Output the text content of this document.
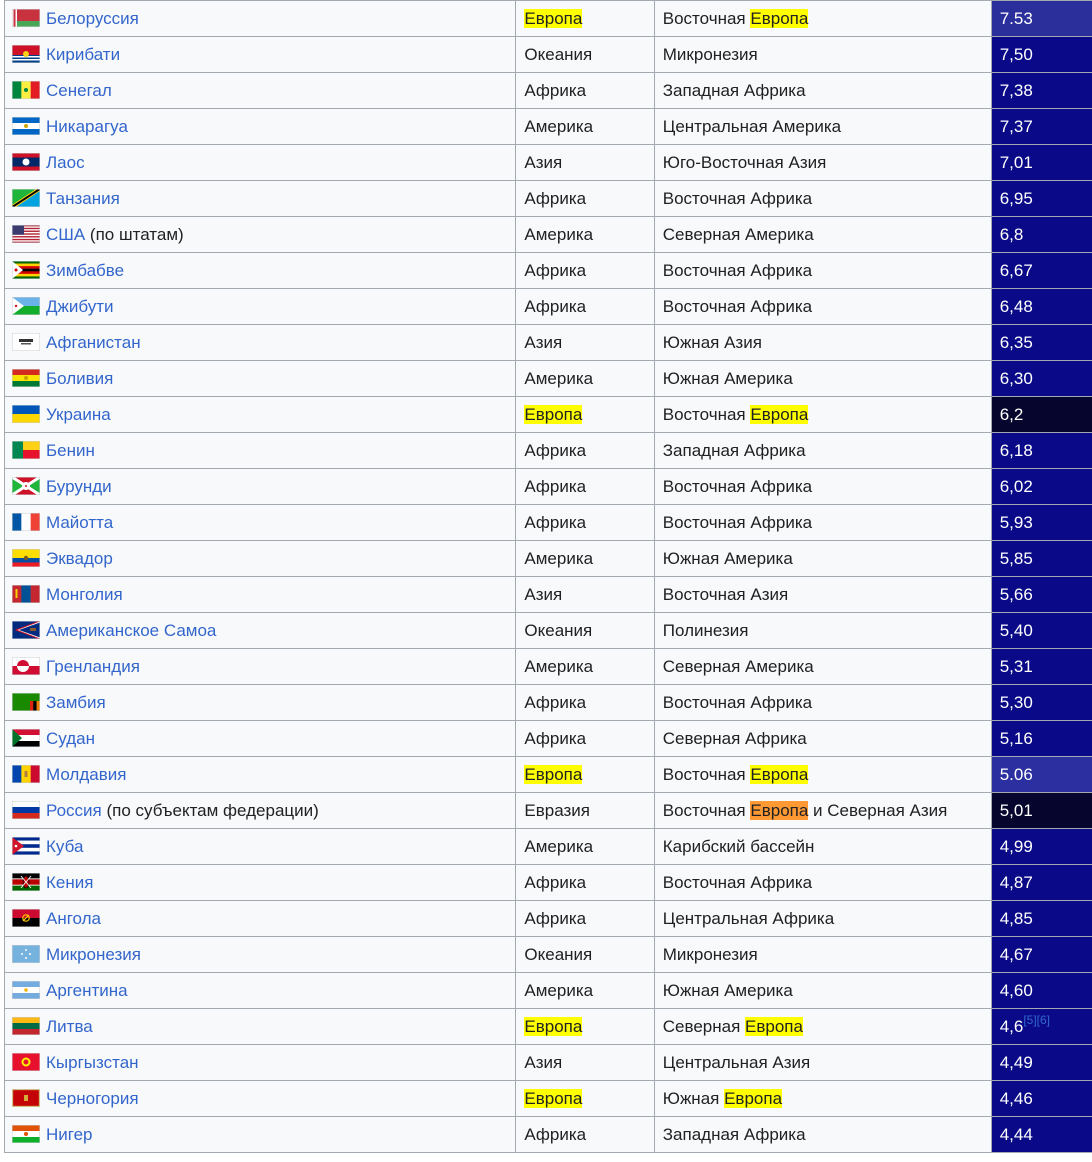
Белоруссия	Европа	Восточная Европа	7.53

Кирибати	Океания	Микронезия	7,50

Сенегал	Африка	Западная Африка	7,38

Никарагуа	Америка	Центральная Америка	7,37

Лаос	Азия	Юго-Восточная Азия	7,01

Танзания	Африка	Восточная Африка	6,95

США (по штатам)	Америка	Северная Америка	6,8

Зимбабве	Африка	Восточная Африка	6,67

Джибути	Африка	Восточная Африка	6,48

Афганистан	Азия	Южная Азия	6,35

Боливия	Америка	Южная Америка	6,30

Украина	Европа	Восточная Европа	6,2

Бенин	Африка	Западная Африка	6,18

Бурунди	Африка	Восточная Африка	6,02

Майотта	Африка	Восточная Африка	5,93

Эквадор	Америка	Южная Америка	5,85

Монголия	Азия	Восточная Азия	5,66

Американское Самоа	Океания	Полинезия	5,40

Гренландия	Америка	Северная Америка	5,31

Замбия	Африка	Восточная Африка	5,30

Судан	Африка	Северная Африка	5,16

Молдавия	Европа	Восточная Европа	5.06

Россия (по субъектам федерации)	Евразия	Восточная Европа и Северная Азия	5,01

Куба	Америка	Карибский бассейн	4,99

Кения	Африка	Восточная Африка	4,87

Ангола	Африка	Центральная Африка	4,85

Микронезия	Океания	Микронезия	4,67

Аргентина	Америка	Южная Америка	4,60

Литва	Европа	Северная Европа	4,6[5][6]

Кыргызстан	Азия	Центральная Азия	4,49

Черногория	Европа	Южная Европа	4,46

Нигер	Африка	Западная Африка	4,44
